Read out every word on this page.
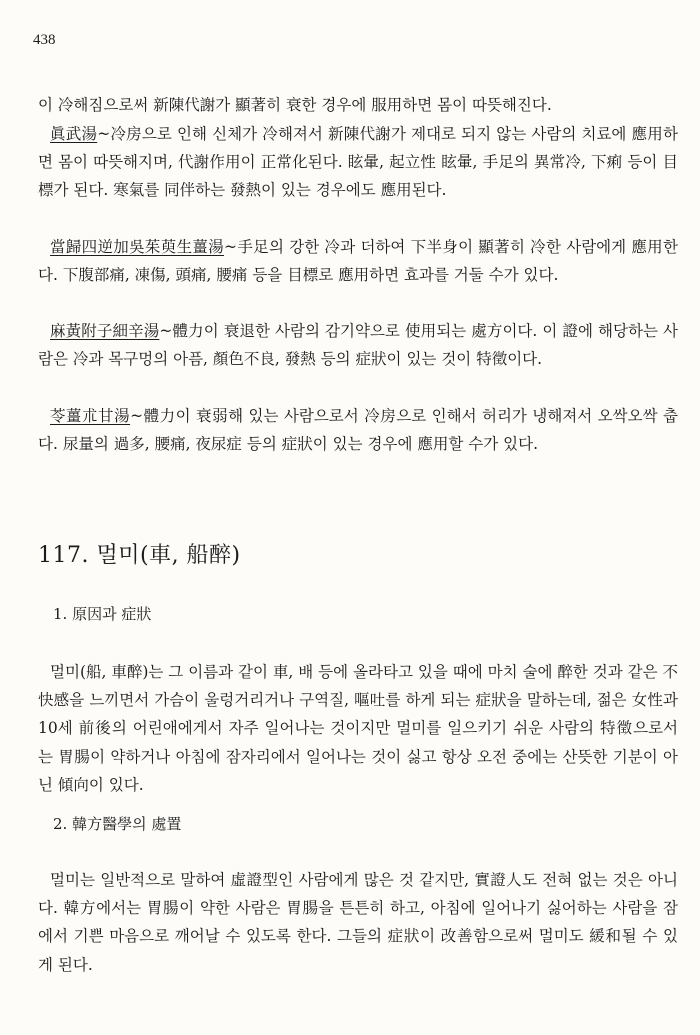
438

이 冷해짐으로써 新陳代謝가 顯著히 衰한 경우에 服用하면 몸이 따뜻해진다.

眞武湯~冷房으로 인해 신체가 冷해져서 新陳代謝가 제대로 되지 않는 사람의 치료에 應用하면 몸이 따뜻해지며, 代謝作用이 正常化된다. 眩暈, 起立性 眩暈, 手足의 異常冷, 下痢 등이 目標가 된다. 寒氣를 同伴하는 發熱이 있는 경우에도 應用된다.

當歸四逆加吳茱萸生薑湯~手足의 강한 冷과 더하여 下半身이 顯著히 冷한 사람에게 應用한다. 下腹部痛, 凍傷, 頭痛, 腰痛 등을 目標로 應用하면 효과를 거둘 수가 있다.

麻黃附子細辛湯~體力이 衰退한 사람의 감기약으로 使用되는 處方이다. 이 證에 해당하는 사람은 冷과 목구멍의 아픔, 顏色不良, 發熱 등의 症狀이 있는 것이 特徵이다.

苓薑朮甘湯~體力이 衰弱해 있는 사람으로서 冷房으로 인해서 허리가 냉해져서 오싹오싹 춥다. 尿量의 過多, 腰痛, 夜尿症 등의 症狀이 있는 경우에 應用할 수가 있다.

117. 멀미(車, 船醉)
1. 原因과 症狀

멀미(船, 車醉)는 그 이름과 같이 車, 배 등에 올라타고 있을 때에 마치 술에 醉한 것과 같은 不快感을 느끼면서 가슴이 울렁거리거나 구역질, 嘔吐를 하게 되는 症狀을 말하는데, 젊은 女性과 10세 前後의 어린애에게서 자주 일어나는 것이지만 멀미를 일으키기 쉬운 사람의 特徵으로서는 胃腸이 약하거나 아침에 잠자리에서 일어나는 것이 싫고 항상 오전 중에는 산뜻한 기분이 아닌 傾向이 있다.

2. 韓方醫學의 處置

멀미는 일반적으로 말하여 虛證型인 사람에게 많은 것 같지만, 實證人도 전혀 없는 것은 아니다. 韓方에서는 胃腸이 약한 사람은 胃腸을 튼튼히 하고, 아침에 일어나기 싫어하는 사람을 잠에서 기쁜 마음으로 깨어날 수 있도록 한다. 그들의 症狀이 改善함으로써 멀미도 緩和될 수 있게 된다.
